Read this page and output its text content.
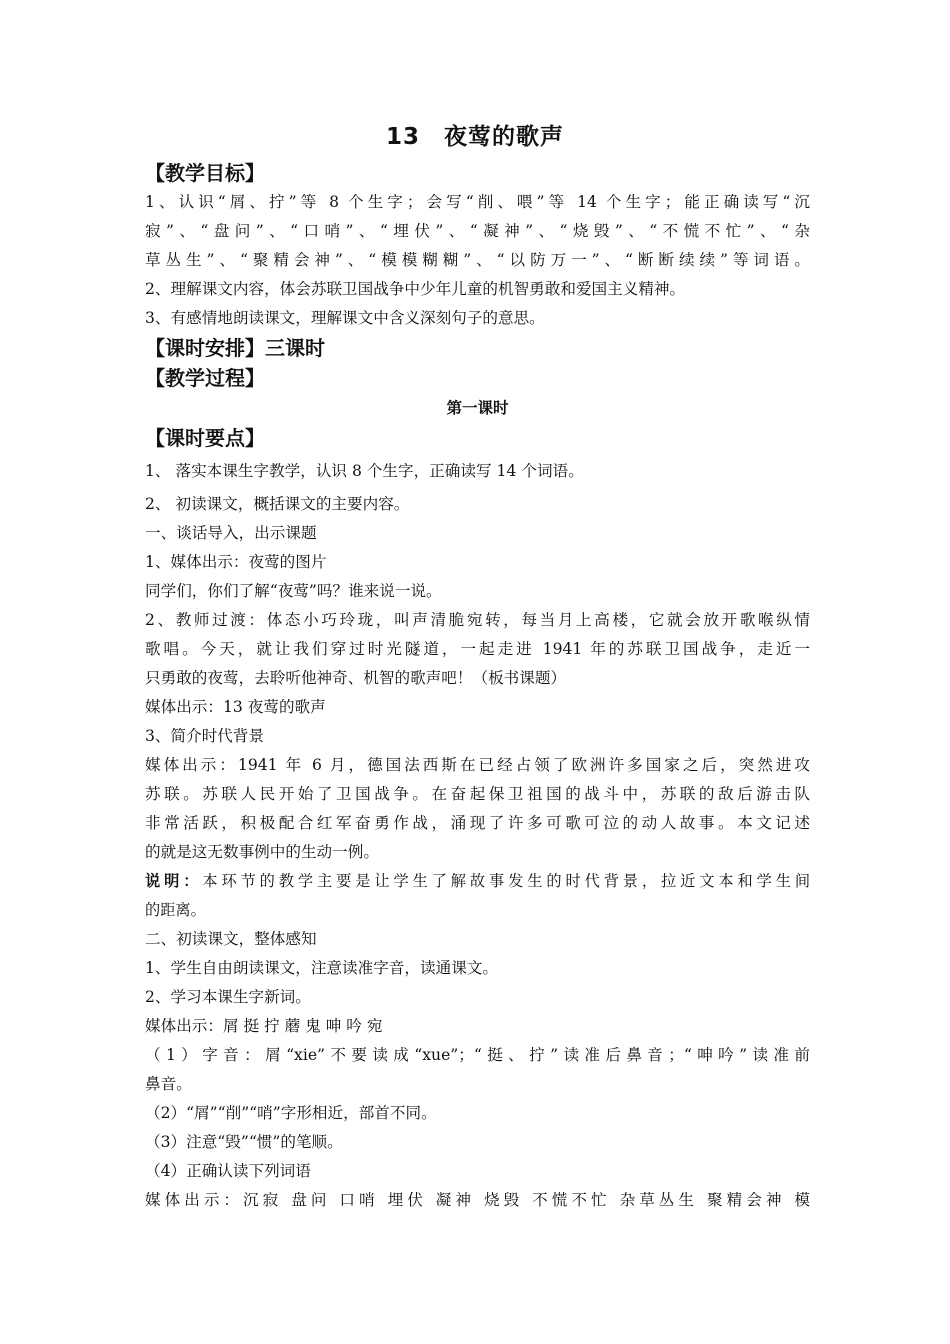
13　夜莺的歌声
【教学目标】
1、认识“屑、拧”等 8 个生字；会写“削、喂”等 14 个生字；能正确读写“沉
寂”、“盘问”、“口哨”、“埋伏”、“凝神”、“烧毁”、“不慌不忙”、“杂
草丛生”、“聚精会神”、“模模糊糊”、“以防万一”、“断断续续”等词语。
2、理解课文内容，体会苏联卫国战争中少年儿童的机智勇敢和爱国主义精神。
3、有感情地朗读课文，理解课文中含义深刻句子的意思。
【课时安排】三课时
【教学过程】
第一课时
【课时要点】
1、 落实本课生字教学，认识 8 个生字，正确读写 14 个词语。
2、 初读课文，概括课文的主要内容。
一、谈话导入，出示课题
1、媒体出示：夜莺的图片
同学们，你们了解“夜莺”吗？谁来说一说。
2、教师过渡：体态小巧玲珑，叫声清脆宛转，每当月上高楼，它就会放开歌喉纵情
歌唱。今天，就让我们穿过时光隧道，一起走进 1941 年的苏联卫国战争，走近一
只勇敢的夜莺，去聆听他神奇、机智的歌声吧！（板书课题）
媒体出示：13 夜莺的歌声
3、简介时代背景
媒体出示：1941 年 6 月，德国法西斯在已经占领了欧洲许多国家之后，突然进攻
苏联。苏联人民开始了卫国战争。在奋起保卫祖国的战斗中，苏联的敌后游击队
非常活跃，积极配合红军奋勇作战，涌现了许多可歌可泣的动人故事。本文记述
的就是这无数事例中的生动一例。
说明：本环节的教学主要是让学生了解故事发生的时代背景，拉近文本和学生间
的距离。
二、初读课文，整体感知
1、学生自由朗读课文，注意读准字音，读通课文。
2、学习本课生字新词。
媒体出示：屑 挺 拧 蘑 鬼 呻 吟 宛
（1）字音：屑“xie”不要读成“xue”；“挺、拧”读准后鼻音；“呻吟”读准前
鼻音。
（2）“屑”“削”“哨”字形相近，部首不同。
（3）注意“毁”“惯”的笔顺。
（4）正确认读下列词语
媒体出示：沉寂 盘问 口哨 埋伏 凝神 烧毁 不慌不忙 杂草丛生 聚精会神 模
